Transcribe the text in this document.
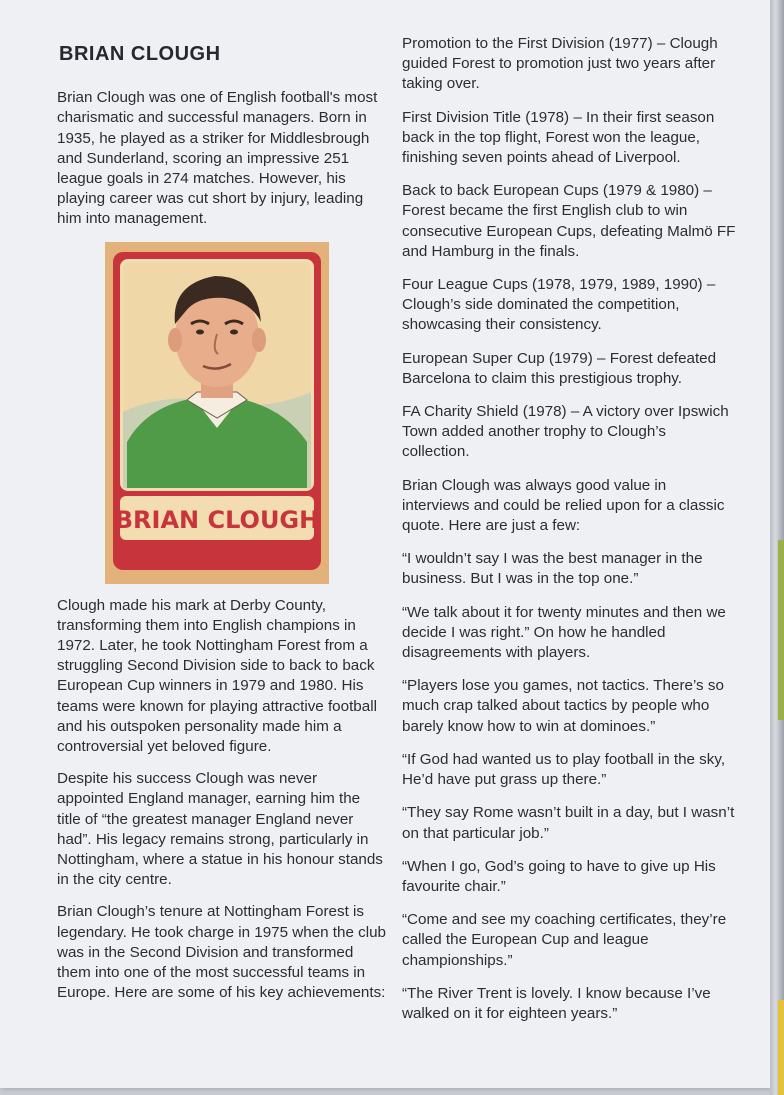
BRIAN CLOUGH

Brian Clough was one of English football's most charismatic and successful managers. Born in 1935, he played as a striker for Middlesbrough and Sunderland, scoring an impressive 251 league goals in 274 matches. However, his playing career was cut short by injury, leading him into management.

BRIAN CLOUGH

Clough made his mark at Derby County, transforming them into English champions in 1972. Later, he took Nottingham Forest from a struggling Second Division side to back to back European Cup winners in 1979 and 1980. His teams were known for playing attractive football and his outspoken personality made him a controversial yet beloved figure.

Despite his success Clough was never appointed England manager, earning him the title of “the greatest manager England never had”. His legacy remains strong, particularly in Nottingham, where a statue in his honour stands in the city centre.

Brian Clough’s tenure at Nottingham Forest is legendary. He took charge in 1975 when the club was in the Second Division and transformed them into one of the most successful teams in Europe. Here are some of his key achievements:

Promotion to the First Division (1977) – Clough guided Forest to promotion just two years after taking over.

First Division Title (1978) – In their first season back in the top flight, Forest won the league, finishing seven points ahead of Liverpool.

Back to back European Cups (1979 & 1980) – Forest became the first English club to win consecutive European Cups, defeating Malmö FF and Hamburg in the finals.

Four League Cups (1978, 1979, 1989, 1990) – Clough’s side dominated the competition, showcasing their consistency.

European Super Cup (1979) – Forest defeated Barcelona to claim this prestigious trophy.

FA Charity Shield (1978) – A victory over Ipswich Town added another trophy to Clough’s collection.

Brian Clough was always good value in interviews and could be relied upon for a classic quote. Here are just a few:

“I wouldn’t say I was the best manager in the business. But I was in the top one.”

“We talk about it for twenty minutes and then we decide I was right.” On how he handled disagreements with players.

“Players lose you games, not tactics. There’s so much crap talked about tactics by people who barely know how to win at dominoes.”

“If God had wanted us to play football in the sky, He’d have put grass up there.”

“They say Rome wasn’t built in a day, but I wasn’t on that particular job.”

“When I go, God’s going to have to give up His favourite chair.”

“Come and see my coaching certificates, they’re called the European Cup and league championships.”

“The River Trent is lovely. I know because I’ve walked on it for eighteen years.”
